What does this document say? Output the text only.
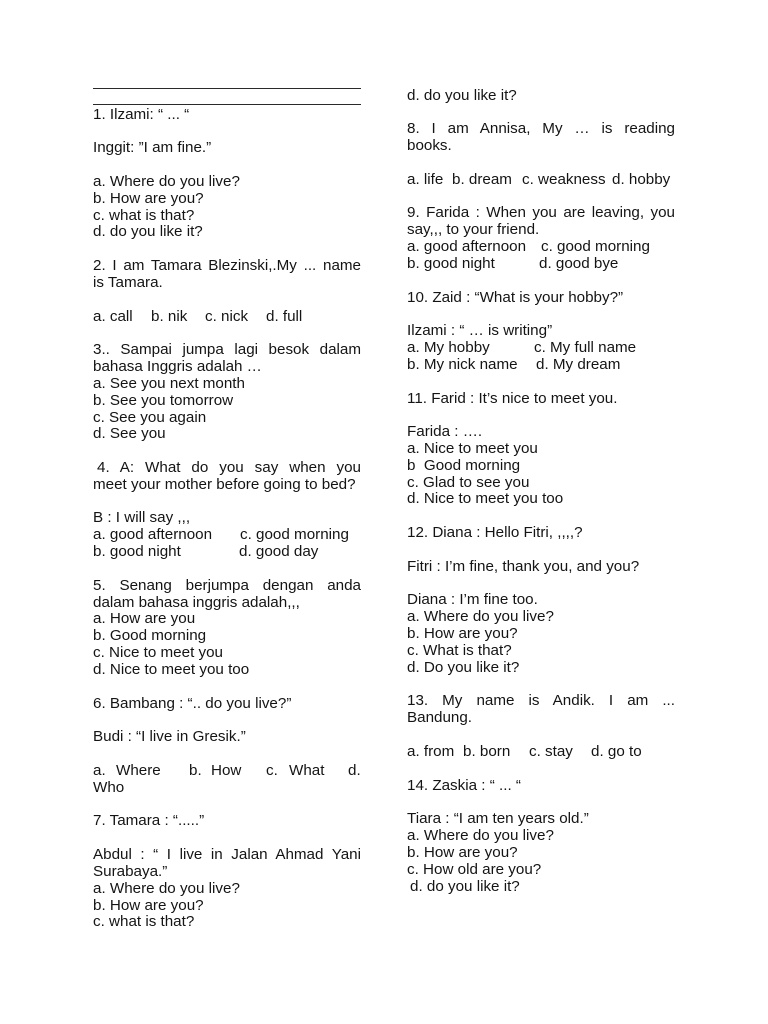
1. Ilzami: “ ... “
Inggit: ”I am fine.”
a. Where do you live?
b. How are you?
c. what is that?
d. do you like it?
2. I am Tamara Blezinski,.My ... name
is Tamara.

a. call

b. nik

c. nick

d. full

3.. Sampai jumpa lagi besok dalam
bahasa Inggris adalah …
a. See you next month
b. See you tomorrow
c. See you again
d. See you
4. A: What do you say when you
meet your mother before going to bed?
B : I will say ,,,

a. good afternoon

c. good morning

b. good night

	d. good day

5. Senang berjumpa dengan anda
dalam bahasa inggris adalah,,,
a. How are you
b. Good morning
c. Nice to meet you
d. Nice to meet you too
6. Bambang : “.. do you live?”
Budi : “I live in Gresik.”

a.

Where

b.

How

c.

What

d.

Who
7. Tamara : “.....”
Abdul : “ I live in Jalan Ahmad Yani
Surabaya.”
a. Where do you live?
b. How are you?
c. what is that?
d. do you like it?
8. I am Annisa, My … is reading
books.

a. life

b. dream

c. weakness

d. hobby

9. Farida : When you are leaving, you
say,,, to your friend.

a. good afternoon

c. good morning

b. good night

	d. good bye

10. Zaid : “What is your hobby?”
Ilzami : “ … is writing”

a. My hobby

	c. My full name

b. My nick name

d. My dream

11. Farid : It’s nice to meet you.
Farida : ….
a. Nice to meet you
b  Good morning
c. Glad to see you
d. Nice to meet you too
12. Diana : Hello Fitri, ,,,,?
Fitri : I’m fine, thank you, and you?
Diana : I’m fine too.
a. Where do you live?
b. How are you?
c. What is that?
d. Do you like it?
13. My name is Andik. I am ...
Bandung.

a. from

b. born

c. stay

d. go to

14. Zaskia : “ ... “
Tiara : “I am ten years old.”
a. Where do you live?
b. How are you?
c. How old are you?
d. do you like it?
